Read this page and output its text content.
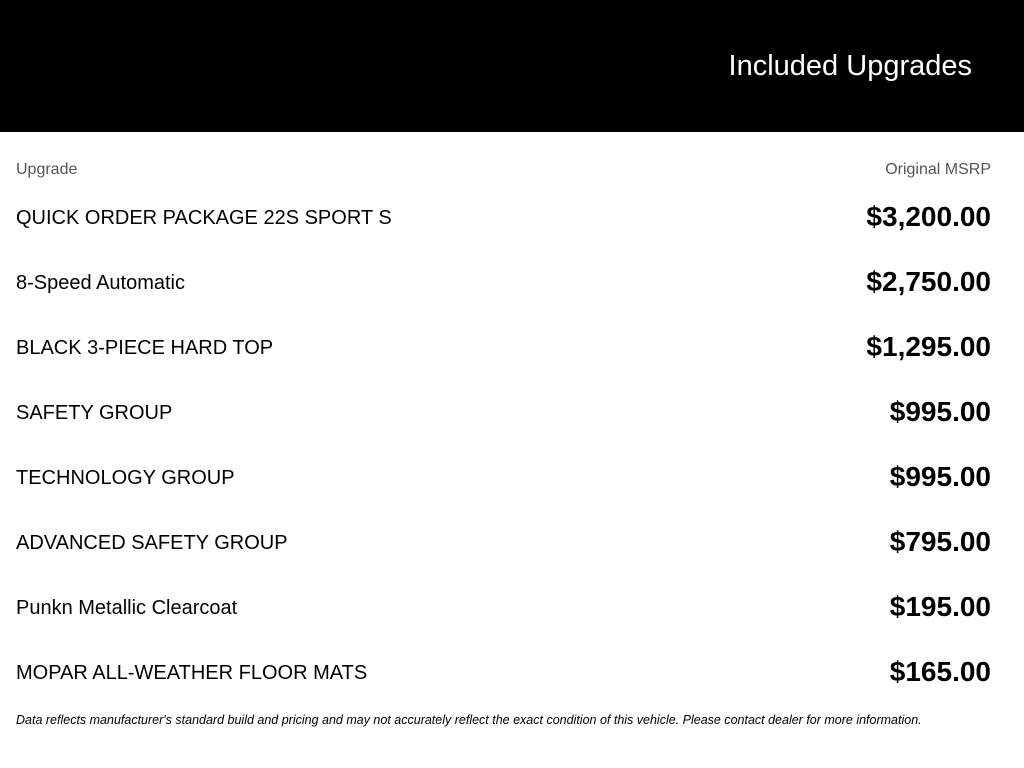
Included Upgrades
Upgrade	Original MSRP
QUICK ORDER PACKAGE 22S SPORT S	$3,200.00
8-Speed Automatic	$2,750.00
BLACK 3-PIECE HARD TOP	$1,295.00
SAFETY GROUP	$995.00
TECHNOLOGY GROUP	$995.00
ADVANCED SAFETY GROUP	$795.00
Punkn Metallic Clearcoat	$195.00
MOPAR ALL-WEATHER FLOOR MATS	$165.00
Data reflects manufacturer's standard build and pricing and may not accurately reflect the exact condition of this vehicle. Please contact dealer for more information.
